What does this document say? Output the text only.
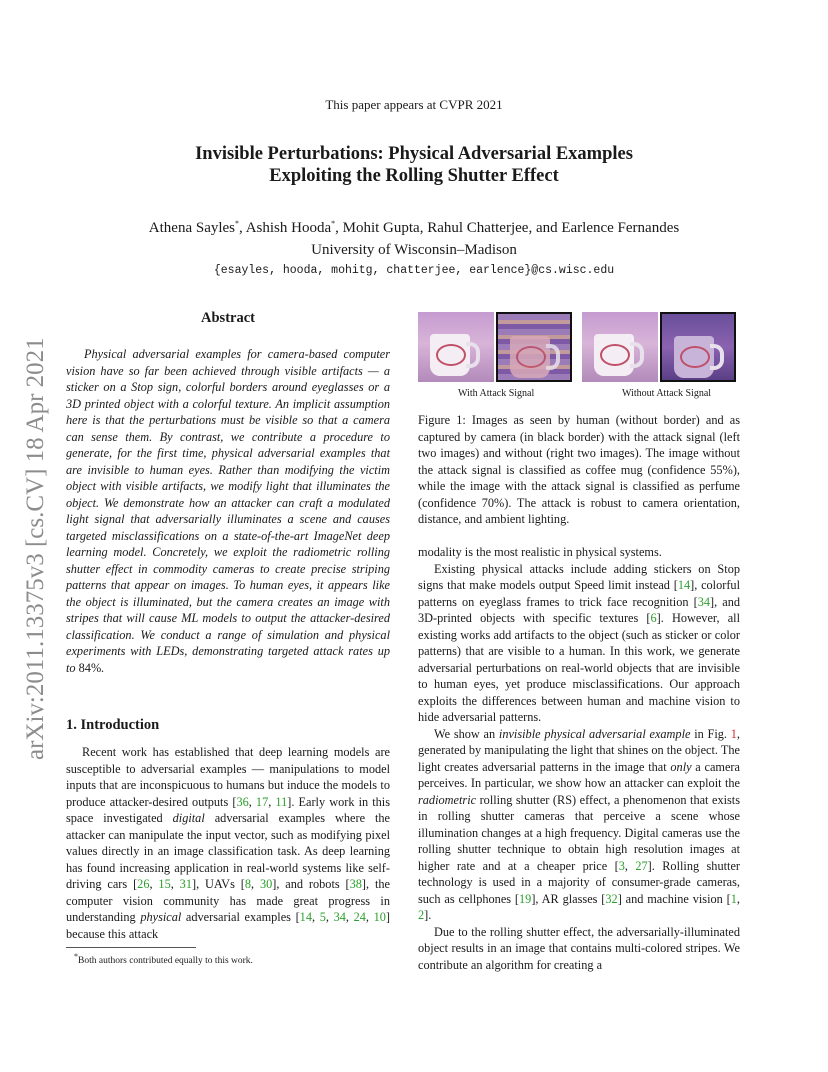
This paper appears at CVPR 2021
Invisible Perturbations: Physical Adversarial Examples
Exploiting the Rolling Shutter Effect
Athena Sayles*, Ashish Hooda*, Mohit Gupta, Rahul Chatterjee, and Earlence Fernandes
University of Wisconsin–Madison
{esayles, hooda, mohitg, chatterjee, earlence}@cs.wisc.edu
arXiv:2011.13375v3 [cs.CV] 18 Apr 2021
Abstract

Physical adversarial examples for camera-based computer vision have so far been achieved through visible artifacts — a sticker on a Stop sign, colorful borders around eyeglasses or a 3D printed object with a colorful texture. An implicit assumption here is that the perturbations must be visible so that a camera can sense them. By contrast, we contribute a procedure to generate, for the first time, physical adversarial examples that are invisible to human eyes. Rather than modifying the victim object with visible artifacts, we modify light that illuminates the object. We demonstrate how an attacker can craft a modulated light signal that adversarially illuminates a scene and causes targeted misclassifications on a state-of-the-art ImageNet deep learning model. Concretely, we exploit the radiometric rolling shutter effect in commodity cameras to create precise striping patterns that appear on images. To human eyes, it appears like the object is illuminated, but the camera creates an image with stripes that will cause ML models to output the attacker-desired classification. We conduct a range of simulation and physical experiments with LEDs, demonstrating targeted attack rates up to 84%.

1. Introduction

Recent work has established that deep learning models are susceptible to adversarial examples — manipulations to model inputs that are inconspicuous to humans but induce the models to produce attacker-desired outputs [36, 17, 11]. Early work in this space investigated digital adversarial examples where the attacker can manipulate the input vector, such as modifying pixel values directly in an image classification task. As deep learning has found increasing application in real-world systems like self-driving cars [26, 15, 31], UAVs [8, 30], and robots [38], the computer vision community has made great progress in understanding physical adversarial examples [14, 5, 34, 24, 10] because this attack

*Both authors contributed equally to this work.
With Attack Signal	Without Attack Signal
Figure 1: Images as seen by human (without border) and as captured by camera (in black border) with the attack signal (left two images) and without (right two images). The image without the attack signal is classified as coffee mug (confidence 55%), while the image with the attack signal is classified as perfume (confidence 70%). The attack is robust to camera orientation, distance, and ambient lighting.

modality is the most realistic in physical systems.

Existing physical attacks include adding stickers on Stop signs that make models output Speed limit instead [14], colorful patterns on eyeglass frames to trick face recognition [34], and 3D-printed objects with specific textures [6]. However, all existing works add artifacts to the object (such as sticker or color patterns) that are visible to a human. In this work, we generate adversarial perturbations on real-world objects that are invisible to human eyes, yet produce misclassifications. Our approach exploits the differences between human and machine vision to hide adversarial patterns.

We show an invisible physical adversarial example in Fig. 1, generated by manipulating the light that shines on the object. The light creates adversarial patterns in the image that only a camera perceives. In particular, we show how an attacker can exploit the radiometric rolling shutter (RS) effect, a phenomenon that exists in rolling shutter cameras that perceive a scene whose illumination changes at a high frequency. Digital cameras use the rolling shutter technique to obtain high resolution images at higher rate and at a cheaper price [3, 27]. Rolling shutter technology is used in a majority of consumer-grade cameras, such as cellphones [19], AR glasses [32] and machine vision [1, 2].

Due to the rolling shutter effect, the adversarially-illuminated object results in an image that contains multi-colored stripes. We contribute an algorithm for creating a
